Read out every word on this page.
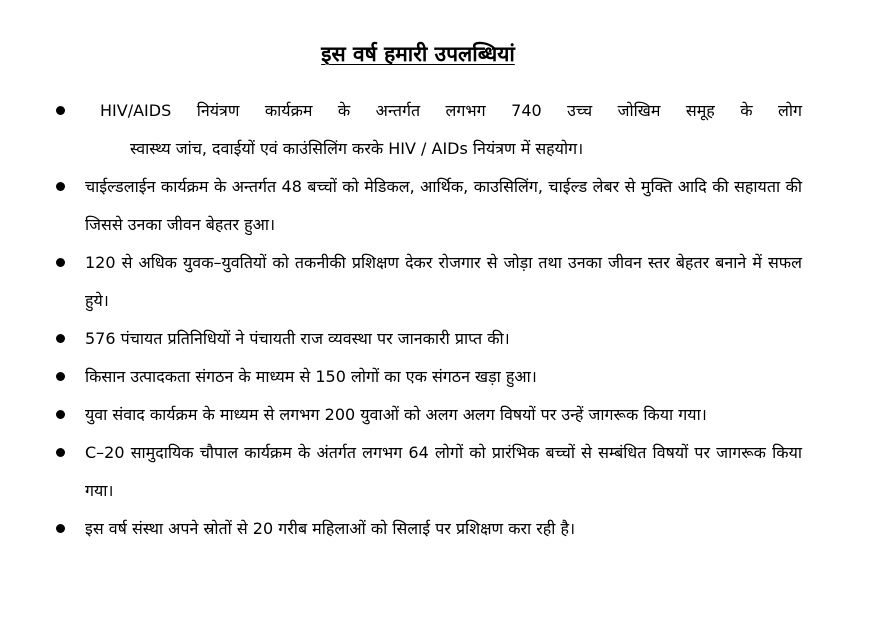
इस वर्ष हमारी उपलब्धियां
HIV/AIDS नियंत्रण कार्यक्रम के अन्तर्गत लगभग 740 उच्च जोखिम समूह के लोग
स्वास्थ्य जांच, दवाईयों एवं काउंसिलिंग करके HIV / AIDs नियंत्रण में सहयोग।
चाईल्डलाईन कार्यक्रम के अन्तर्गत 48 बच्चों को मेडिकल, आर्थिक, काउसिलिंग, चाईल्ड लेबर से मुक्ति आदि की सहायता की जिससे उनका जीवन बेहतर हुआ।
120 से अधिक युवक–युवतियों को तकनीकी प्रशिक्षण देकर रोजगार से जोड़ा तथा उनका जीवन स्तर बेहतर बनाने में सफल हुये।
576 पंचायत प्रतिनिधियों ने पंचायती राज व्यवस्था पर जानकारी प्राप्त की।
किसान उत्पादकता संगठन के माध्यम से 150 लोगों का एक संगठन खड़ा हुआ।
युवा संवाद कार्यक्रम के माध्यम से लगभग 200 युवाओं को अलग अलग विषयों पर उन्हें जागरूक किया गया।
C–20 सामुदायिक चौपाल कार्यक्रम के अंतर्गत लगभग 64 लोगों को प्रारंभिक बच्चों से सम्बंधित विषयों पर जागरूक किया गया।
इस वर्ष संस्था अपने स्रोतों से 20 गरीब महिलाओं को सिलाई पर प्रशिक्षण करा रही है।
